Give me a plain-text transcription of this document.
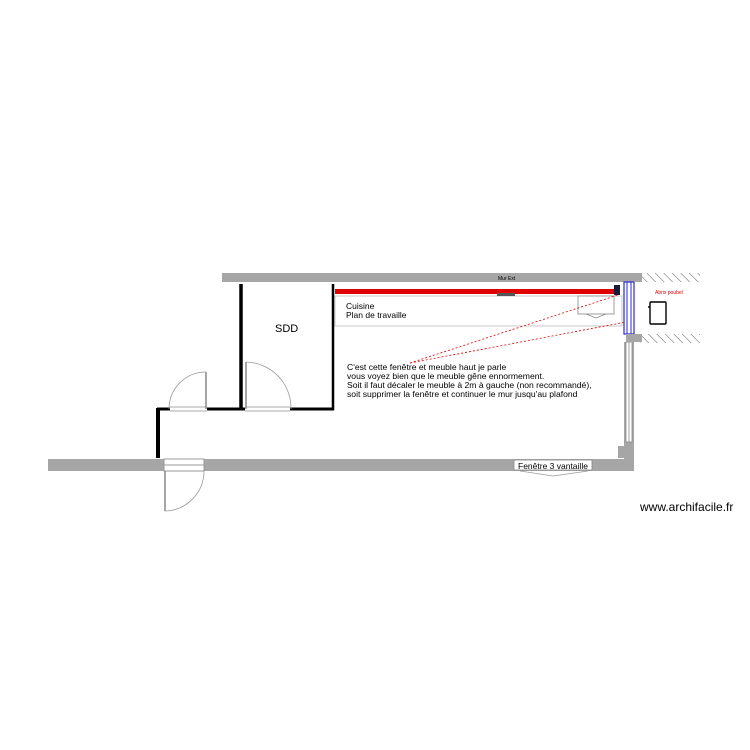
Mur Ext
Abris poubel
Cuisine
Plan de travaille
SDD
C'est cette fenêtre et meuble haut je parle
vous voyez bien que le meuble gêne ennormement.
Soit il faut décaler le meuble à 2m à gauche (non recommandé),
soit supprimer la fenêtre et continuer le mur jusqu'au plafond
Fenêtre 3 vantaille
www.archifacile.fr
